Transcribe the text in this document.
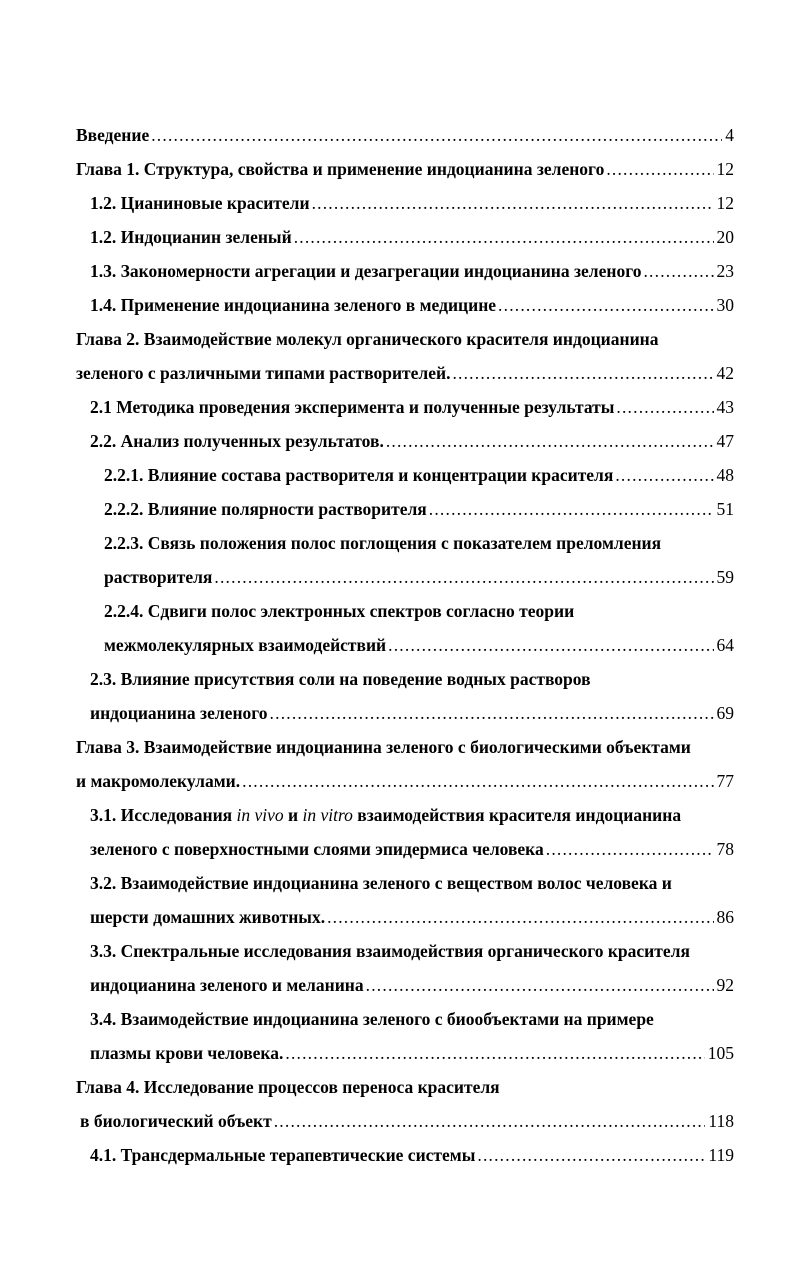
Введение .....	4
Глава 1. Структура, свойства и применение индоцианина зеленого .....	12
1.2. Цианиновые красители .....	12
1.2. Индоцианин зеленый .....	20
1.3. Закономерности агрегации и дезагрегации индоцианина зеленого .....	23
1.4. Применение индоцианина зеленого в медицине .....	30
Глава 2. Взаимодействие молекул органического красителя индоцианина
зеленого с различными типами растворителей. .....	42
2.1 Методика проведения эксперимента и полученные результаты .....	43
2.2. Анализ полученных результатов. .....	47
2.2.1. Влияние состава растворителя и концентрации красителя .....	48
2.2.2. Влияние полярности растворителя .....	51
2.2.3. Связь положения полос поглощения с показателем преломления
растворителя .....	59
2.2.4. Сдвиги полос электронных спектров согласно теории
межмолекулярных взаимодействий .....	64
2.3. Влияние присутствия соли на поведение водных растворов
индоцианина зеленого .....	69
Глава 3. Взаимодействие индоцианина зеленого с биологическими объектами
и макромолекулами. .....	77
3.1. Исследования in vivo и in vitro взаимодействия красителя индоцианина
зеленого с поверхностными слоями эпидермиса человека .....	78
3.2. Взаимодействие индоцианина зеленого с веществом волос человека и
шерсти домашних животных. .....	86
3.3. Спектральные исследования взаимодействия органического красителя
индоцианина зеленого и меланина .....	92
3.4. Взаимодействие индоцианина зеленого с биообъектами на примере
плазмы крови человека. .....	105
Глава 4. Исследование процессов переноса красителя
в биологический объект .....	118
4.1. Трансдермальные терапевтические системы .....	119
